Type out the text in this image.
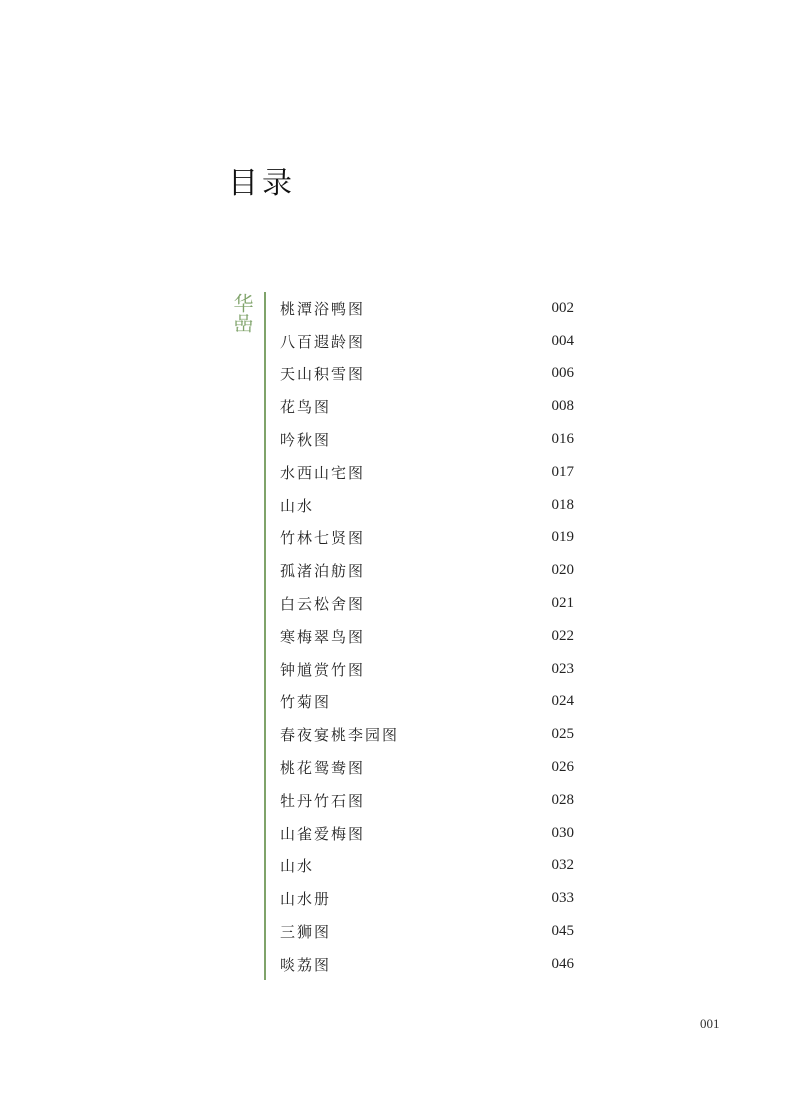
目录
华嵒 桃潭浴鸭图	002
八百遐龄图	004
天山积雪图	006
花鸟图	008
吟秋图	016
水西山宅图	017
山水	018
竹林七贤图	019
孤渚泊舫图	020
白云松舍图	021
寒梅翠鸟图	022
钟馗赏竹图	023
竹菊图	024
春夜宴桃李园图	025
桃花鸳鸯图	026
牡丹竹石图	028
山雀爱梅图	030
山水	032
山水册	033
三狮图	045
啖荔图	046
001
